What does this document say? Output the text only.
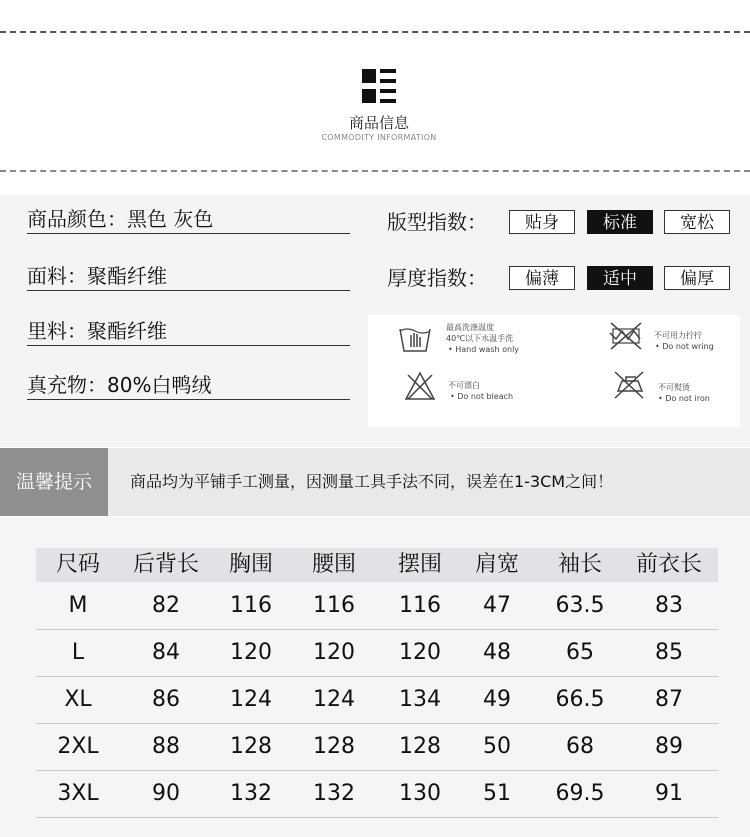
商品信息
COMMODITY INFORMATION
商品颜色：黑色 灰色
面料：聚酯纤维
里料：聚酯纤维
真充物：80%白鸭绒
版型指数：	贴身	标准	宽松
厚度指数：	偏薄	适中	偏厚
最高洗涤温度
40℃以下水温手洗
• Hand wash only
不可用力拧拧
• Do not wring
不可漂白
• Do not bleach
不可熨烫
• Do not iron
温馨提示	商品均为平铺手工测量，因测量工具手法不同，误差在1-3CM之间！
尺码	后背长	胸围	腰围	摆围	肩宽	袖长	前衣长
M	82	116	116	116	47	63.5	83
L	84	120	120	120	48	65	85
XL	86	124	124	134	49	66.5	87
2XL	88	128	128	128	50	68	89
3XL	90	132	132	130	51	69.5	91
